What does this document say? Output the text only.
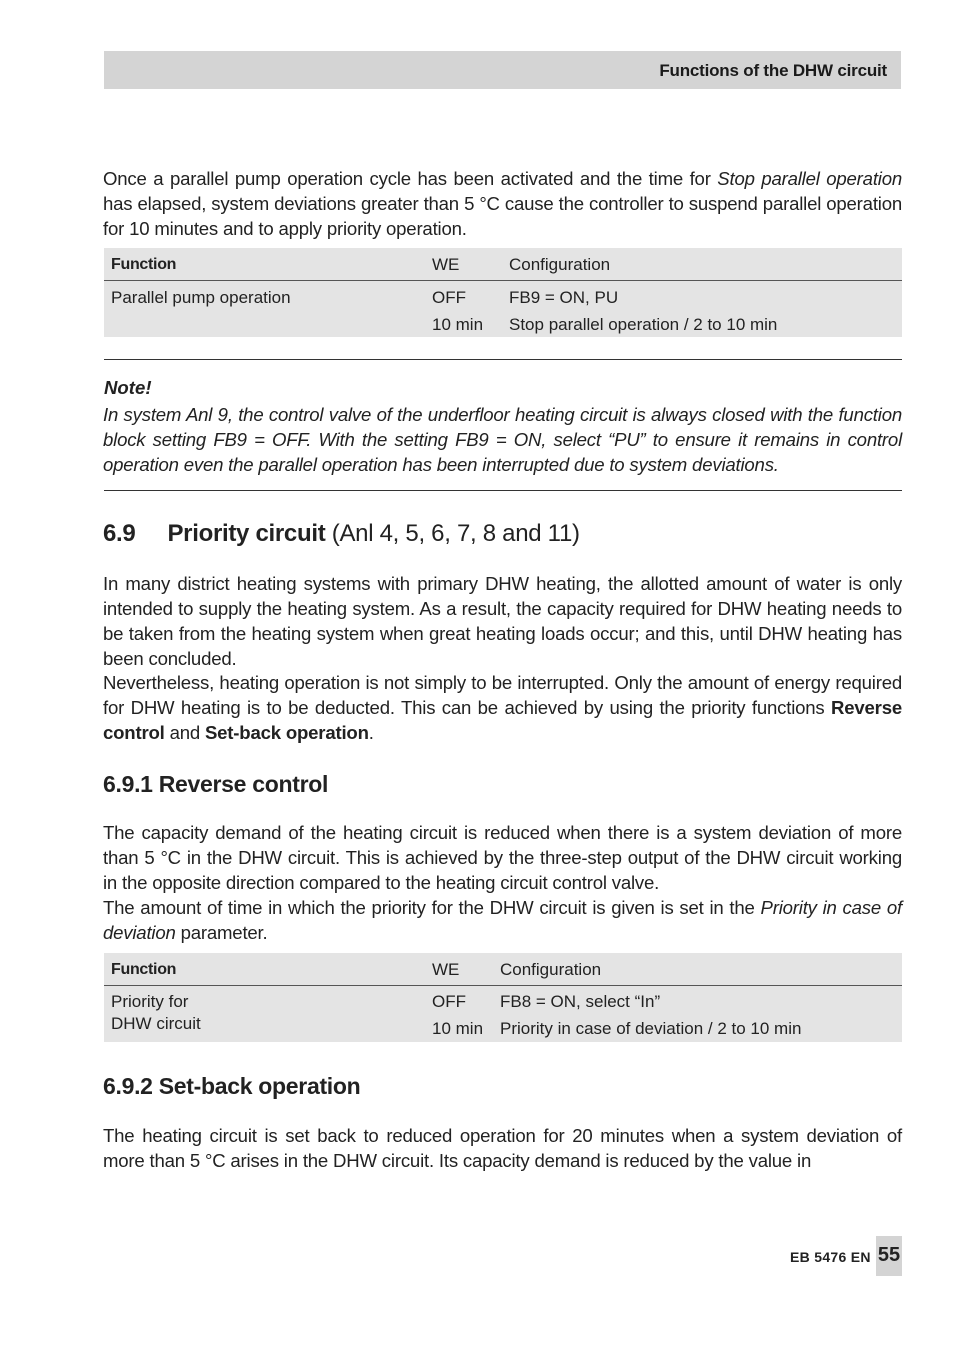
Functions of the DHW circuit

Once a parallel pump operation cycle has been activated and the time for Stop parallel operation has elapsed, system deviations greater than 5 °C cause the controller to suspend parallel operation for 10 minutes and to apply priority operation.

Function	WE	Configuration
Parallel pump operation	OFF	FB9 = ON, PU
10 min Stop parallel operation / 2 to 10 min
Note!

In system Anl 9, the control valve of the underfloor heating circuit is always closed with the function block setting FB9 = OFF. With the setting FB9 = ON, select “PU” to ensure it remains in control operation even the parallel operation has been interrupted due to system deviations.

6.9 Priority circuit (Anl 4, 5, 6, 7, 8 and 11)

In many district heating systems with primary DHW heating, the allotted amount of water is only intended to supply the heating system. As a result, the capacity required for DHW heating needs to be taken from the heating system when great heating loads occur; and this, until DHW heating has been concluded.

Nevertheless, heating operation is not simply to be interrupted. Only the amount of energy required for DHW heating is to be deducted. This can be achieved by using the priority functions Reverse control and Set-back operation.

6.9.1 Reverse control

The capacity demand of the heating circuit is reduced when there is a system deviation of more than 5 °C in the DHW circuit. This is achieved by the three-step output of the DHW circuit working in the opposite direction compared to the heating circuit control valve.

The amount of time in which the priority for the DHW circuit is given is set in the Priority in case of deviation parameter.

Function	WE Configuration
Priority for
DHW circuit
OFF FB8 = ON, select “In”
10 min Priority in case of deviation / 2 to 10 min
6.9.2 Set-back operation

The heating circuit is set back to reduced operation for 20 minutes when a system deviation of more than 5 °C arises in the DHW circuit. Its capacity demand is reduced by the value in

EB 5476 EN 55
